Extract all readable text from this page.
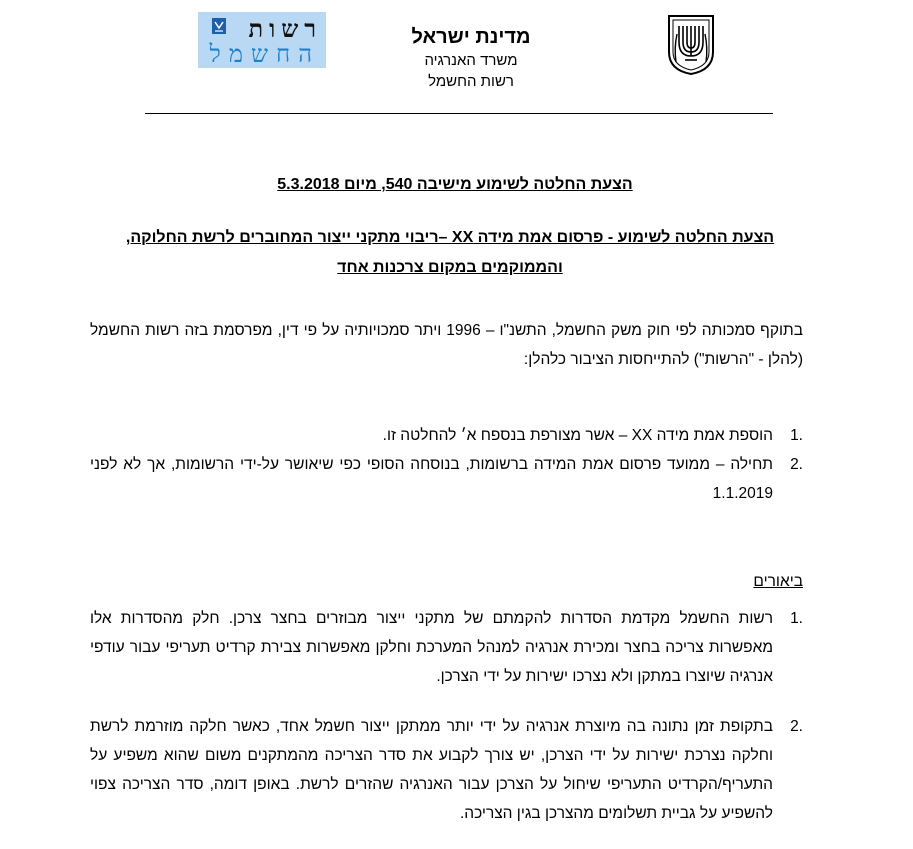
מדינת ישראל
משרד האנרגיה
רשות החשמל
רשות
החשמל
הצעת החלטה לשימוע מישיבה 540, מיום 5.3.2018
הצעת החלטה לשימוע - פרסום אמת מידה XX –ריבוי מתקני ייצור המחוברים לרשת החלוקה, והממוקמים במקום צרכנות אחד
בתוקף סמכותה לפי חוק משק החשמל, התשנ"ו – 1996 ויתר סמכויותיה על פי דין, מפרסמת בזה רשות החשמל (להלן - "הרשות") להתייחסות הציבור כלהלן:
1.
הוספת אמת מידה XX – אשר מצורפת בנספח א׳ להחלטה זו.
2.
תחילה – ממועד פרסום אמת המידה ברשומות, בנוסחה הסופי כפי שיאושר על-ידי הרשומות, אך לא לפני 1.1.2019
ביאורים
1.
רשות החשמל מקדמת הסדרות להקמתם של מתקני ייצור מבוזרים בחצר צרכן. חלק מהסדרות אלו מאפשרות צריכה בחצר ומכירת אנרגיה למנהל המערכת וחלקן מאפשרות צבירת קרדיט תעריפי עבור עודפי אנרגיה שיוצרו במתקן ולא נצרכו ישירות על ידי הצרכן.
2.
בתקופת זמן נתונה בה מיוצרת אנרגיה על ידי יותר ממתקן ייצור חשמל אחד, כאשר חלקה מוזרמת לרשת וחלקה נצרכת ישירות על ידי הצרכן, יש צורך לקבוע את סדר הצריכה מהמתקנים משום שהוא משפיע על התעריף/הקרדיט התעריפי שיחול על הצרכן עבור האנרגיה שהזרים לרשת. באופן דומה, סדר הצריכה צפוי להשפיע על גביית תשלומים מהצרכן בגין הצריכה.
